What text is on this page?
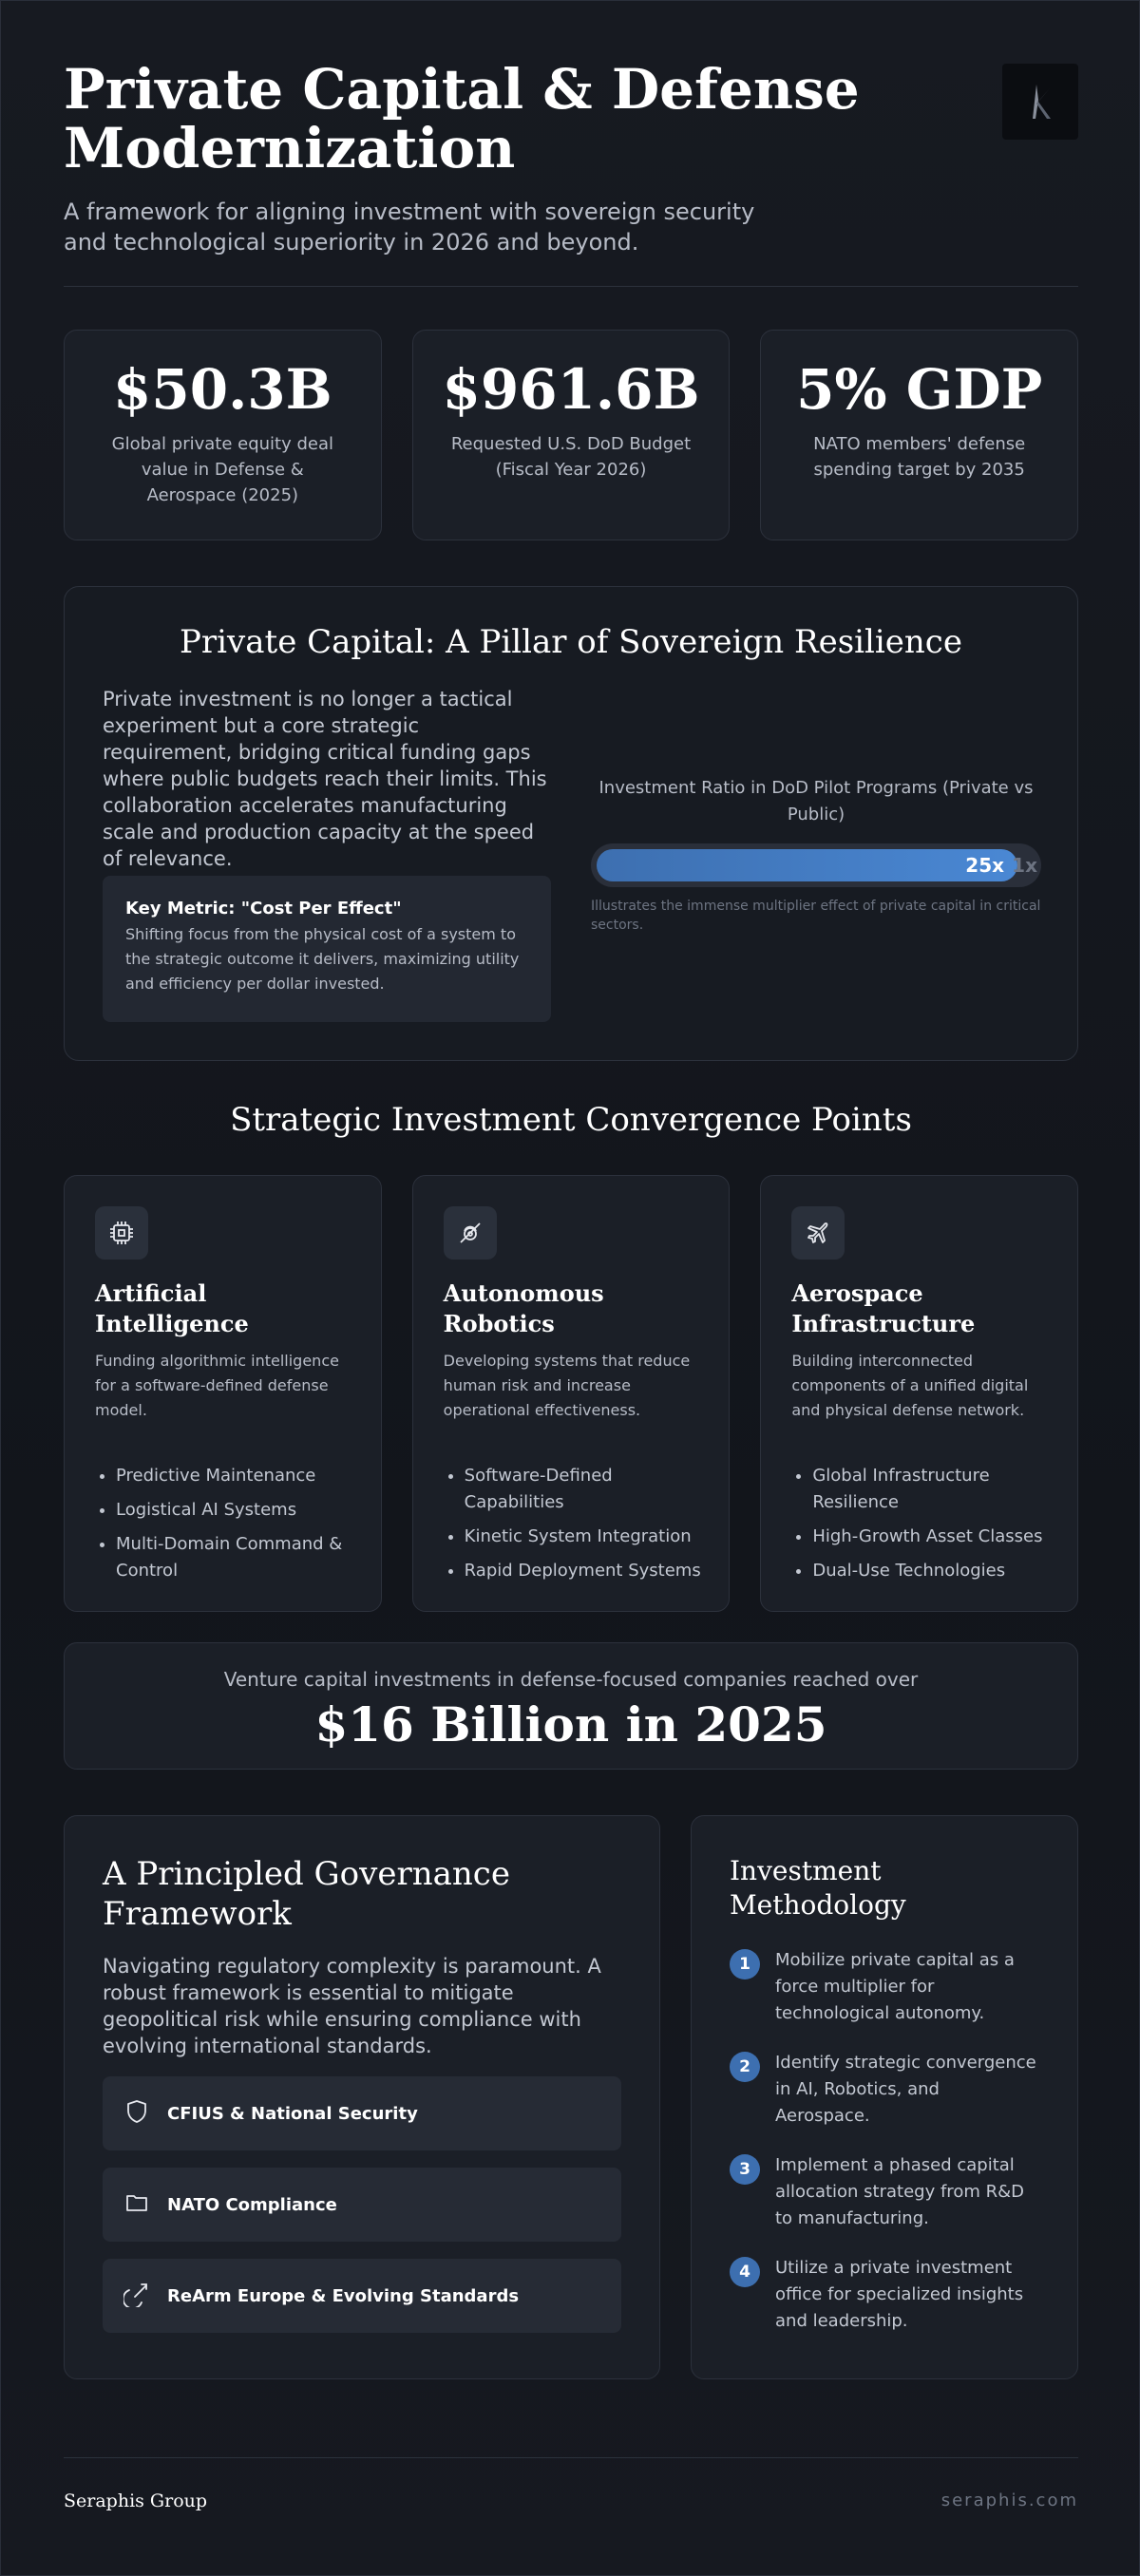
Private Capital & Defense Modernization

A framework for aligning investment with sovereign security and technological superiority in 2026 and beyond.

$50.3B
Global private equity deal value in Defense & Aerospace (2025)
$961.6B
Requested U.S. DoD Budget (Fiscal Year 2026)
5% GDP
NATO members' defense spending target by 2035
Private Capital: A Pillar of Sovereign Resilience
Private investment is no longer a tactical experiment but a core strategic requirement, bridging critical funding gaps where public budgets reach their limits. This collaboration accelerates manufacturing scale and production capacity at the speed of relevance.
Key Metric: "Cost Per Effect"
Shifting focus from the physical cost of a system to the strategic outcome it delivers, maximizing utility and efficiency per dollar invested.
Investment Ratio in DoD Pilot Programs (Private vs Public)
25x 1x
Illustrates the immense multiplier effect of private capital in critical sectors.
Strategic Investment Convergence Points
Artificial Intelligence
Funding algorithmic intelligence for a software-defined defense model.
• Predictive Maintenance
• Logistical AI Systems
• Multi-Domain Command & Control
Autonomous Robotics
Developing systems that reduce human risk and increase operational effectiveness.
• Software-Defined Capabilities
• Kinetic System Integration
• Rapid Deployment Systems
Aerospace Infrastructure
Building interconnected components of a unified digital and physical defense network.
• Global Infrastructure Resilience
• High-Growth Asset Classes
• Dual-Use Technologies
Venture capital investments in defense-focused companies reached over
$16 Billion in 2025
A Principled Governance Framework
Navigating regulatory complexity is paramount. A robust framework is essential to mitigate geopolitical risk while ensuring compliance with evolving international standards.
CFIUS & National Security
NATO Compliance
ReArm Europe & Evolving Standards
Investment Methodology
1	Mobilize private capital as a force multiplier for technological autonomy.
2	Identify strategic convergence in AI, Robotics, and Aerospace.
3	Implement a phased capital allocation strategy from R&D to manufacturing.
4	Utilize a private investment office for specialized insights and leadership.
Seraphis Group	seraphis.com
